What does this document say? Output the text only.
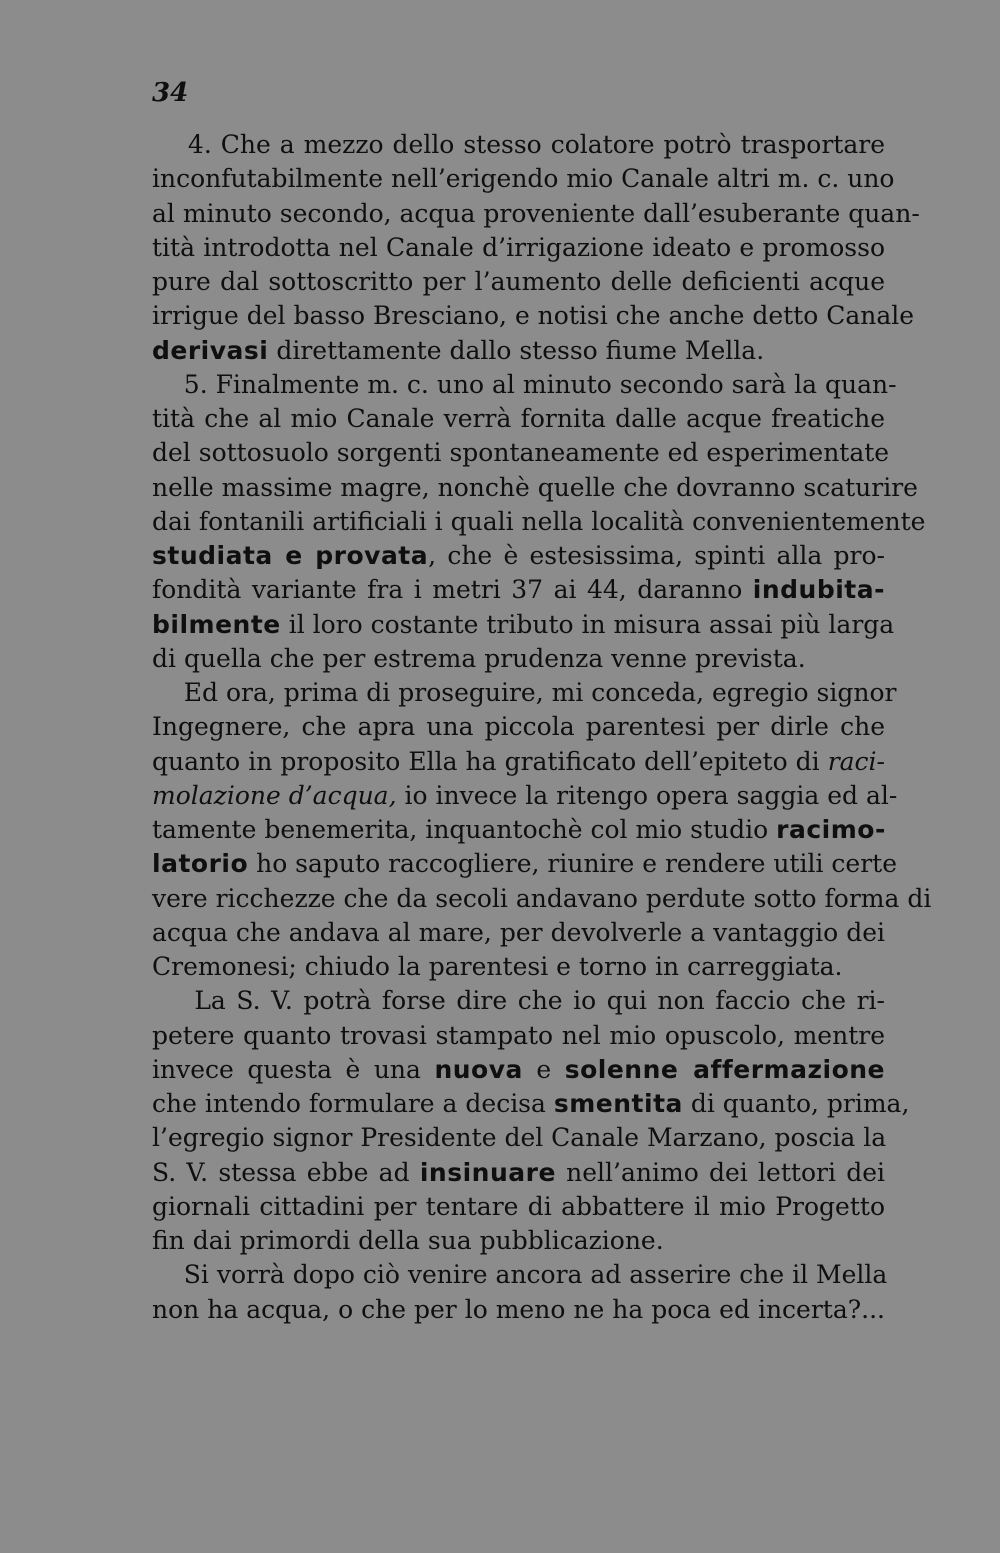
34
4. Che a mezzo dello stesso colatore potrò trasportare
inconfutabilmente nell’erigendo mio Canale altri m. c. uno
al minuto secondo, acqua proveniente dall’esuberante quan-
tità introdotta nel Canale d’irrigazione ideato e promosso
pure dal sottoscritto per l’aumento delle deficienti acque
irrigue del basso Bresciano, e notisi che anche detto Canale
derivasi direttamente dallo stesso fiume Mella.
5. Finalmente m. c. uno al minuto secondo sarà la quan-
tità che al mio Canale verrà fornita dalle acque freatiche
del sottosuolo sorgenti spontaneamente ed esperimentate
nelle massime magre, nonchè quelle che dovranno scaturire
dai fontanili artificiali i quali nella località convenientemente
studiata e provata, che è estesissima, spinti alla pro-
fondità variante fra i metri 37 ai 44, daranno indubita-
bilmente il loro costante tributo in misura assai più larga
di quella che per estrema prudenza venne prevista.
Ed ora, prima di proseguire, mi conceda, egregio signor
Ingegnere, che apra una piccola parentesi per dirle che
quanto in proposito Ella ha gratificato dell’epiteto di raci-
molazione d’acqua, io invece la ritengo opera saggia ed al-
tamente benemerita, inquantochè col mio studio racimo-
latorio ho saputo raccogliere, riunire e rendere utili certe
vere ricchezze che da secoli andavano perdute sotto forma di
acqua che andava al mare, per devolverle a vantaggio dei
Cremonesi; chiudo la parentesi e torno in carreggiata.
La S. V. potrà forse dire che io qui non faccio che ri-
petere quanto trovasi stampato nel mio opuscolo, mentre
invece questa è una nuova e solenne affermazione
che intendo formulare a decisa smentita di quanto, prima,
l’egregio signor Presidente del Canale Marzano, poscia la
S. V. stessa ebbe ad insinuare nell’animo dei lettori dei
giornali cittadini per tentare di abbattere il mio Progetto
fin dai primordi della sua pubblicazione.
Si vorrà dopo ciò venire ancora ad asserire che il Mella
non ha acqua, o che per lo meno ne ha poca ed incerta?...
